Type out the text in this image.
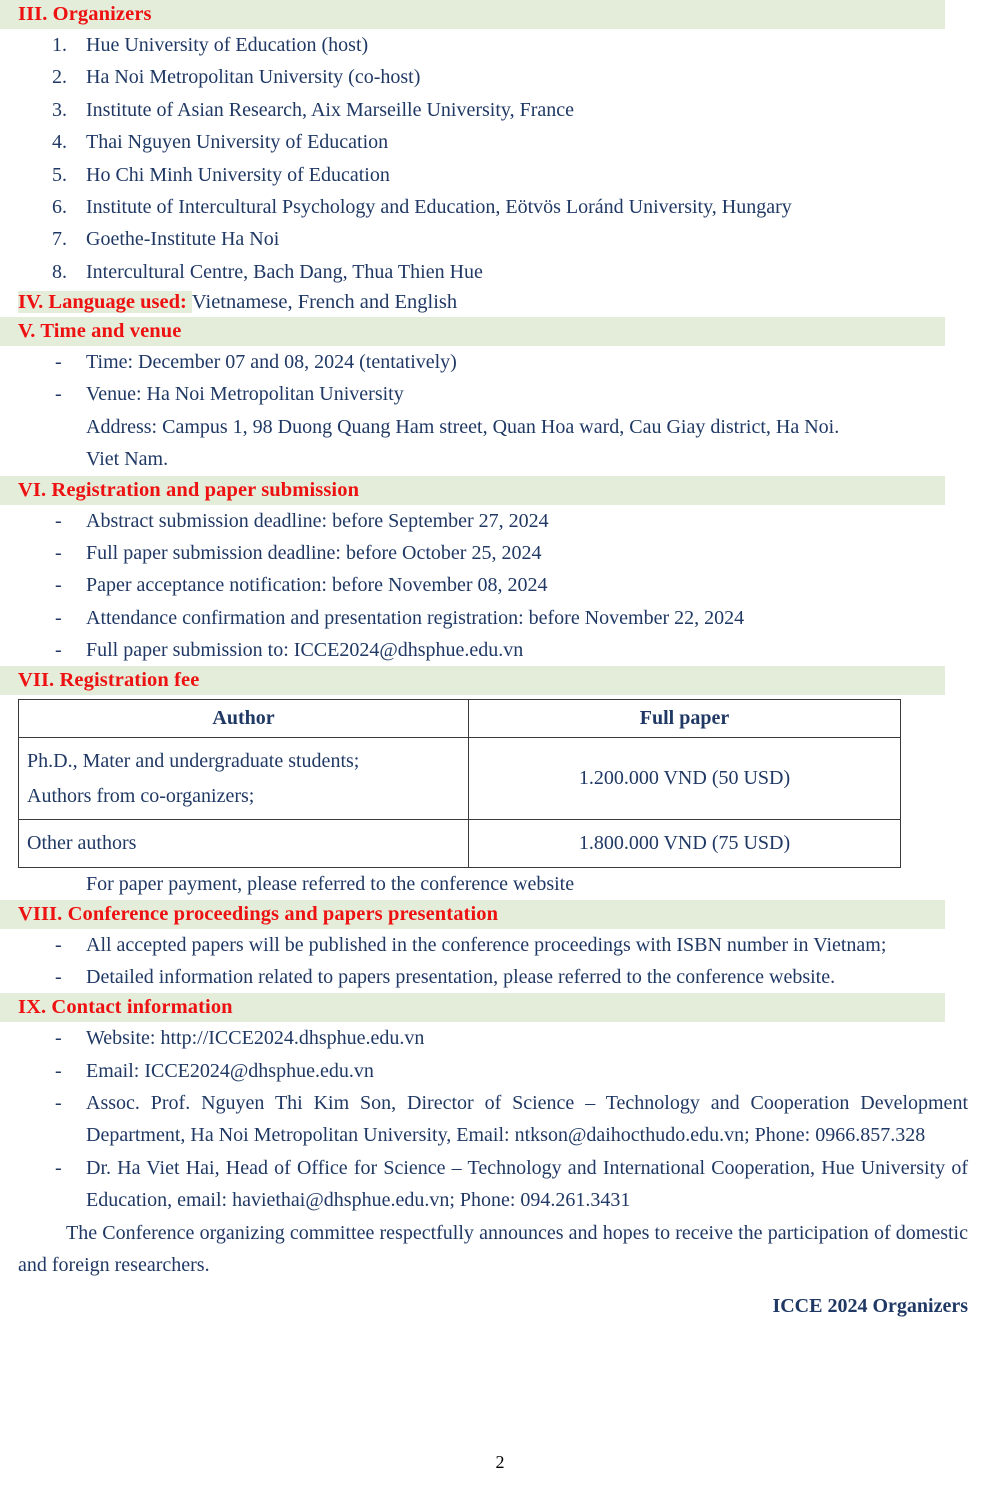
III. Organizers
1. Hue University of Education (host)
2. Ha Noi Metropolitan University (co-host)
3. Institute of Asian Research, Aix Marseille University, France
4. Thai Nguyen University of Education
5. Ho Chi Minh University of Education
6. Institute of Intercultural Psychology and Education, Eötvös Loránd University, Hungary
7. Goethe-Institute Ha Noi
8. Intercultural Centre, Bach Dang, Thua Thien Hue

IV. Language used: Vietnamese, French and English

V. Time and venue
-	Time: December 07 and 08, 2024 (tentatively)
-	Venue: Ha Noi Metropolitan University
Address: Campus 1, 98 Duong Quang Ham street, Quan Hoa ward, Cau Giay district, Ha Noi.
Viet Nam.
VI. Registration and paper submission
-	Abstract submission deadline: before September 27, 2024
-	Full paper submission deadline: before October 25, 2024
-	Paper acceptance notification: before November 08, 2024
-	Attendance confirmation and presentation registration: before November 22, 2024
-	Full paper submission to: ICCE2024@dhsphue.edu.vn
VII. Registration fee
Author	Full paper

Ph.D., Mater and undergraduate students;
Authors from co-organizers;	1.200.000 VND (50 USD)
Other authors	1.800.000 VND (75 USD)

For paper payment, please referred to the conference website

VIII. Conference proceedings and papers presentation
-	All accepted papers will be published in the conference proceedings with ISBN number in Vietnam;
-	Detailed information related to papers presentation, please referred to the conference website.
IX. Contact information
-	Website: http://ICCE2024.dhsphue.edu.vn
-	Email: ICCE2024@dhsphue.edu.vn
-	Assoc. Prof. Nguyen Thi Kim Son, Director of Science – Technology and Cooperation Development Department, Ha Noi Metropolitan University, Email: ntkson@daihocthudo.edu.vn; Phone: 0966.857.328
-	Dr. Ha Viet Hai, Head of Office for Science – Technology and International Cooperation, Hue University of Education, email: haviethai@dhsphue.edu.vn; Phone: 094.261.3431

The Conference organizing committee respectfully announces and hopes to receive the participation of domestic and foreign researchers.

ICCE 2024 Organizers

2
